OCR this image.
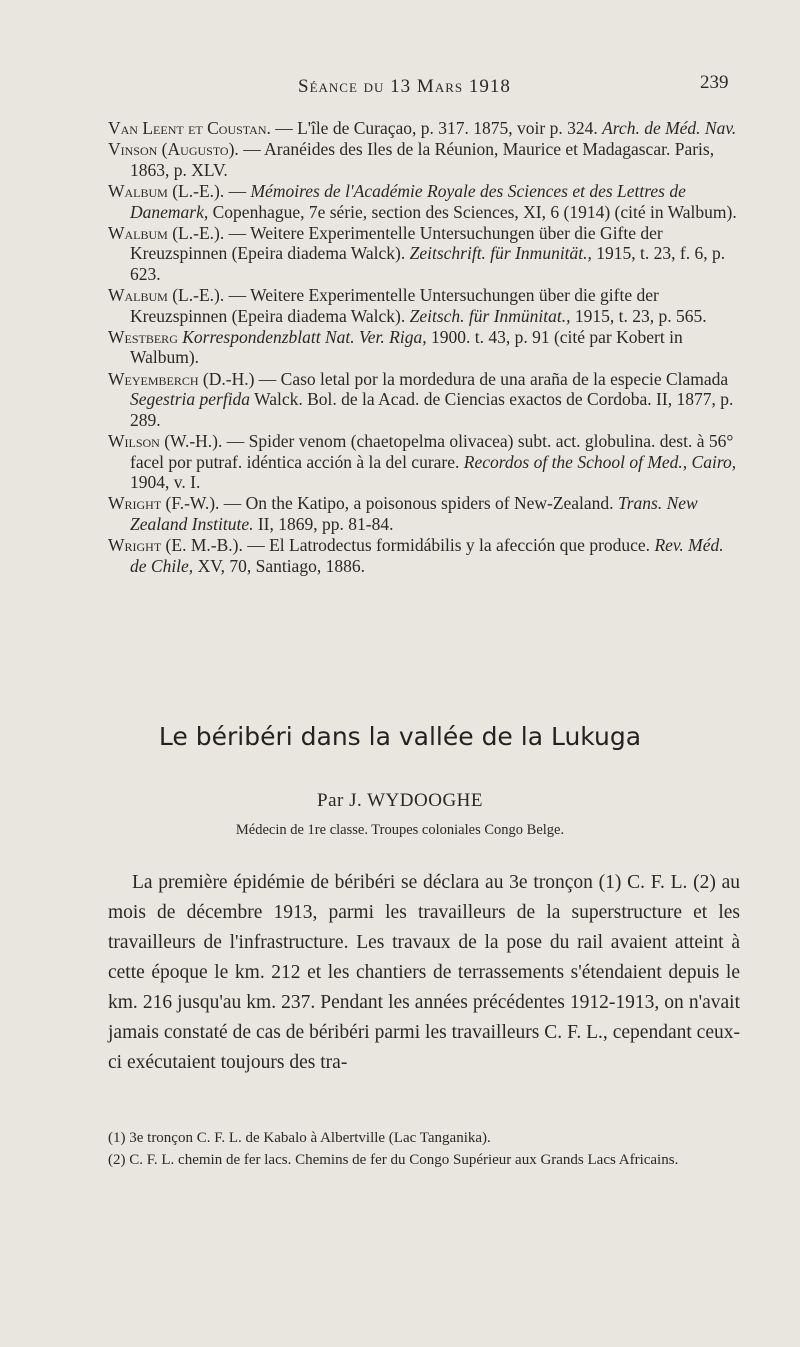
Séance du 13 Mars 1918	239

Van Leent et Coustan. — L'île de Curaçao, p. 317. 1875, voir p. 324. Arch. de Méd. Nav.

Vinson (Augusto). — Aranéides des Iles de la Réunion, Maurice et Madagascar. Paris, 1863, p. XLV.

Walbum (L.-E.). — Mémoires de l'Académie Royale des Sciences et des Lettres de Danemark, Copenhague, 7e série, section des Sciences, XI, 6 (1914) (cité in Walbum).

Walbum (L.-E.). — Weitere Experimentelle Untersuchungen über die Gifte der Kreuzspinnen (Epeira diadema Walck). Zeitschrift. für Inmunität., 1915, t. 23, f. 6, p. 623.

Walbum (L.-E.). — Weitere Experimentelle Untersuchungen über die gifte der Kreuzspinnen (Epeira diadema Walck). Zeitsch. für Inmünitat., 1915, t. 23, p. 565.

Westberg Korrespondenzblatt Nat. Ver. Riga, 1900. t. 43, p. 91 (cité par Kobert in Walbum).

Weyemberch (D.-H.) — Caso letal por la mordedura de una araña de la especie Clamada Segestria perfida Walck. Bol. de la Acad. de Ciencias exactos de Cordoba. II, 1877, p. 289.

Wilson (W.-H.). — Spider venom (chaetopelma olivacea) subt. act. globulina. dest. à 56° facel por putraf. idéntica acción à la del curare. Recordos of the School of Med., Cairo, 1904, v. I.

Wright (F.-W.). — On the Katipo, a poisonous spiders of New-Zealand. Trans. New Zealand Institute. II, 1869, pp. 81-84.

Wright (E. M.-B.). — El Latrodectus formidábilis y la afección que produce. Rev. Méd. de Chile, XV, 70, Santiago, 1886.

Le béribéri dans la vallée de la Lukuga
Par J. WYDOOGHE
Médecin de 1re classe. Troupes coloniales Congo Belge.

La première épidémie de béribéri se déclara au 3e tronçon (1) C. F. L. (2) au mois de décembre 1913, parmi les travailleurs de la superstructure et les travailleurs de l'infrastructure. Les travaux de la pose du rail avaient atteint à cette époque le km. 212 et les chantiers de terrassements s'étendaient depuis le km. 216 jusqu'au km. 237. Pendant les années précédentes 1912-1913, on n'avait jamais constaté de cas de béribéri parmi les travailleurs C. F. L., cependant ceux-ci exécutaient toujours des tra-

(1) 3e tronçon C. F. L. de Kabalo à Albertville (Lac Tanganika).

(2) C. F. L. chemin de fer lacs. Chemins de fer du Congo Supérieur aux Grands Lacs Africains.
